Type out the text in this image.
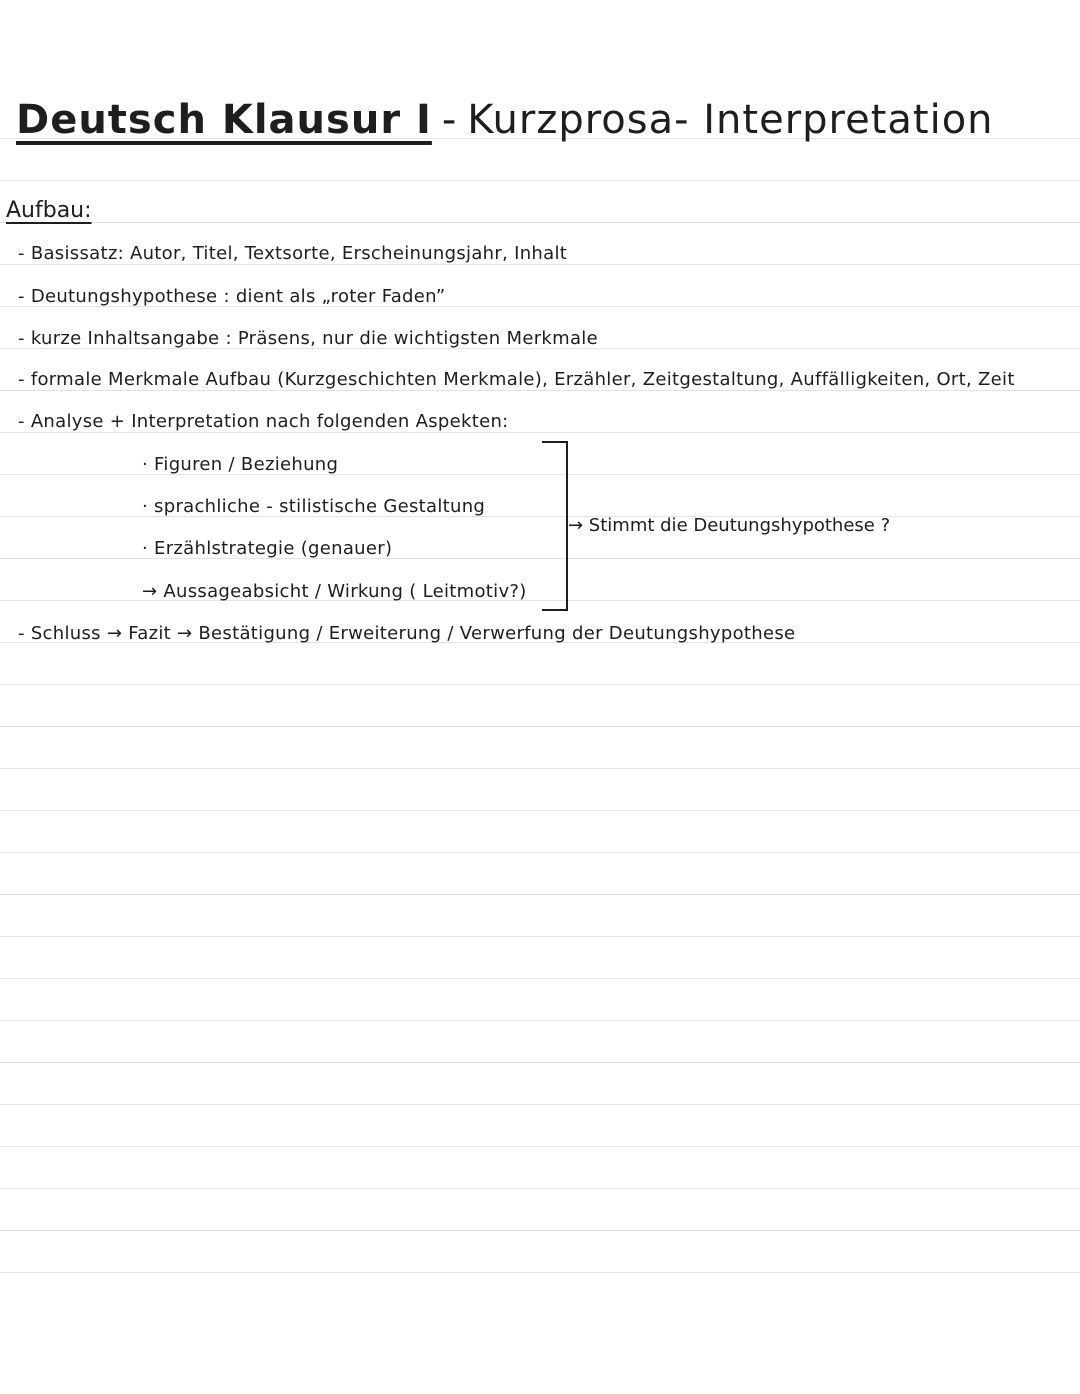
Deutsch Klausur I - Kurzprosa- Interpretation
Aufbau:
- Basissatz: Autor, Titel, Textsorte, Erscheinungsjahr, Inhalt
- Deutungshypothese : dient als „roter Faden”
- kurze Inhaltsangabe : Präsens, nur die wichtigsten Merkmale
- formale Merkmale Aufbau (Kurzgeschichten Merkmale), Erzähler, Zeitgestaltung, Auffälligkeiten, Ort, Zeit
- Analyse + Interpretation nach folgenden Aspekten:
· Figuren / Beziehung
· sprachliche - stilistische Gestaltung
· Erzählstrategie (genauer)
→ Aussageabsicht / Wirkung ( Leitmotiv?)
→ Stimmt die Deutungshypothese ?
- Schluss → Fazit → Bestätigung / Erweiterung / Verwerfung der Deutungshypothese
